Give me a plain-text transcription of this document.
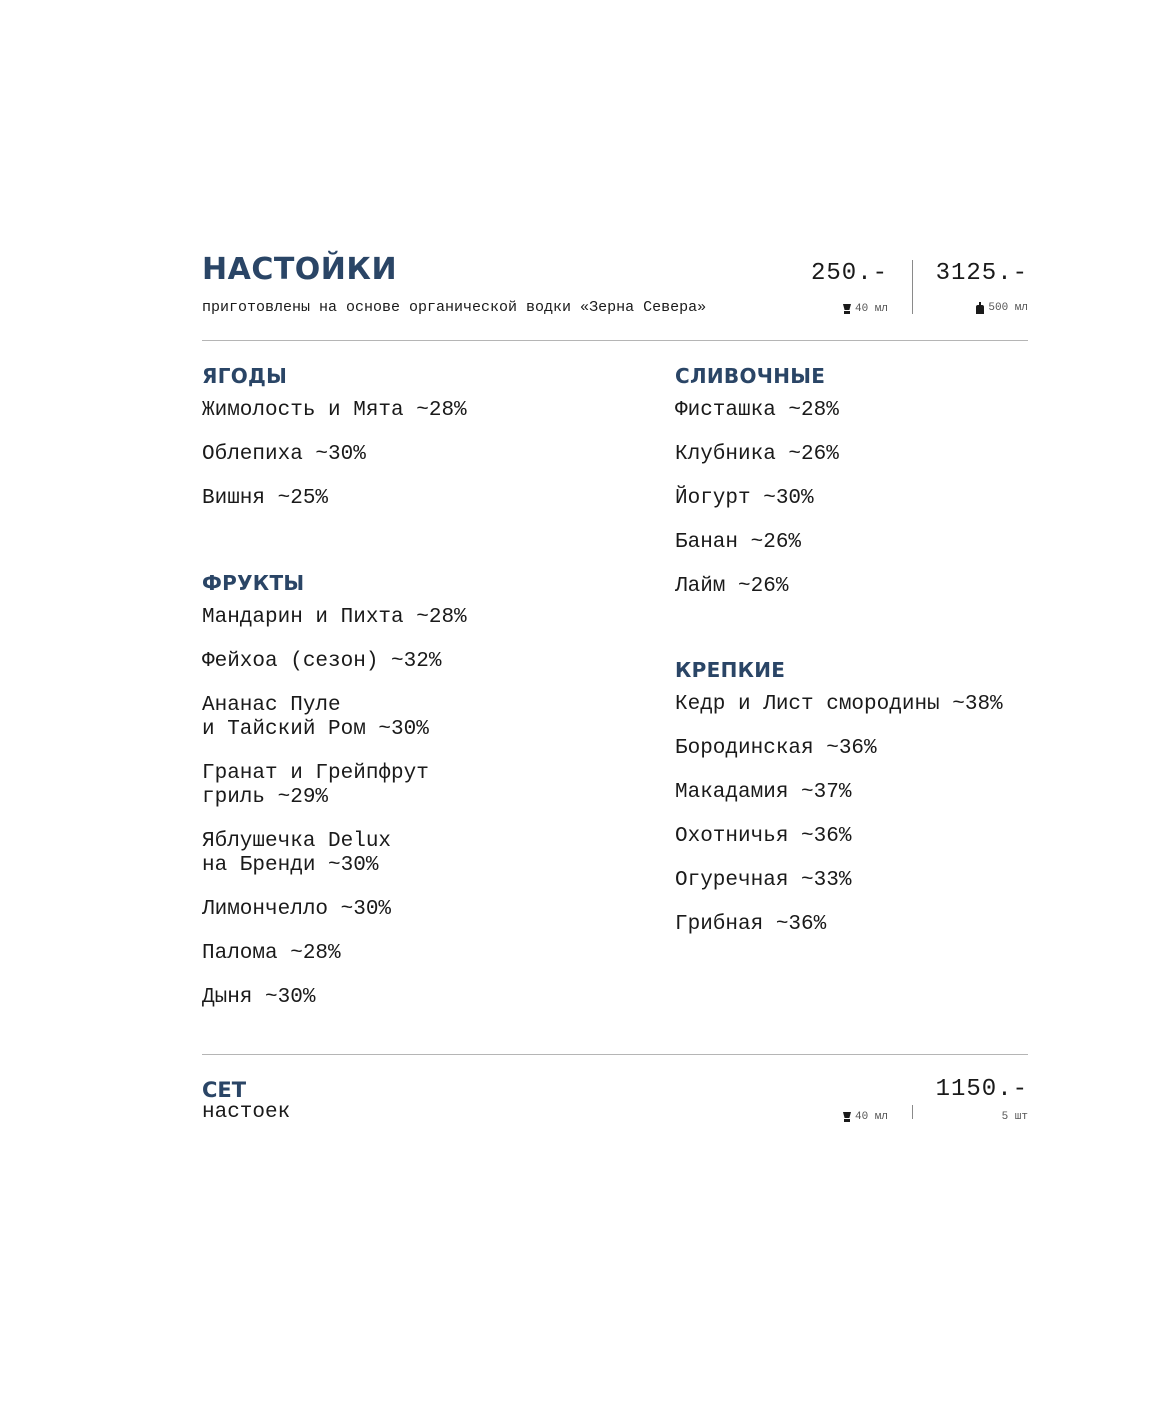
НАСТОЙКИ
приготовлены на основе органической водки «Зерна Севера»
250.-
40 мл
3125.-
500 мл
ЯГОДЫ
Жимолость и Мята ~28%
Облепиха ~30%
Вишня ~25%
ФРУКТЫ
Мандарин и Пихта ~28%
Фейхоа (сезон) ~32%
Ананас Пуле
и Тайский Ром ~30%
Гранат и Грейпфрут
гриль ~29%
Яблушечка Delux
на Бренди ~30%
Лимончелло ~30%
Палома ~28%
Дыня ~30%
СЛИВОЧНЫЕ
Фисташка ~28%
Клубника ~26%
Йогурт ~30%
Банан ~26%
Лайм ~26%
КРЕПКИЕ
Кедр и Лист смородины ~38%
Бородинская ~36%
Макадамия ~37%
Охотничья ~36%
Огуречная ~33%
Грибная ~36%
СЕТ
настоек	40 мл
1150.-
5 шт
